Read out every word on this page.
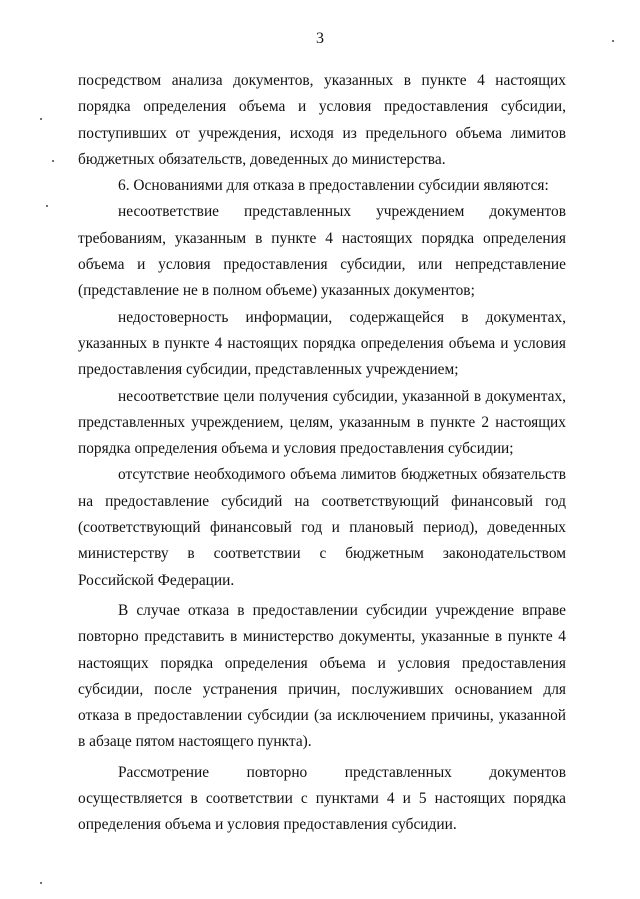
3

посредством анализа документов, указанных в пункте 4 настоящих порядка определения объема и условия предоставления субсидии, поступивших от учреждения, исходя из предельного объема лимитов бюджетных обязательств, доведенных до министерства.

6. Основаниями для отказа в предоставлении субсидии являются:

несоответствие представленных учреждением документов требованиям, указанным в пункте 4 настоящих порядка определения объема и условия предоставления субсидии, или непредставление (представление не в полном объеме) указанных документов;

недостоверность информации, содержащейся в документах, указанных в пункте 4 настоящих порядка определения объема и условия предоставления субсидии, представленных учреждением;

несоответствие цели получения субсидии, указанной в документах, представленных учреждением, целям, указанным в пункте 2 настоящих порядка определения объема и условия предоставления субсидии;

отсутствие необходимого объема лимитов бюджетных обязательств на предоставление субсидий на соответствующий финансовый год (соответствующий финансовый год и плановый период), доведенных министерству в соответствии с бюджетным законодательством Российской Федерации.

В случае отказа в предоставлении субсидии учреждение вправе повторно представить в министерство документы, указанные в пункте 4 настоящих порядка определения объема и условия предоставления субсидии, после устранения причин, послуживших основанием для отказа в предоставлении субсидии (за исключением причины, указанной в абзаце пятом настоящего пункта).

Рассмотрение повторно представленных документов осуществляется в соответствии с пунктами 4 и 5 настоящих порядка определения объема и условия предоставления субсидии.
